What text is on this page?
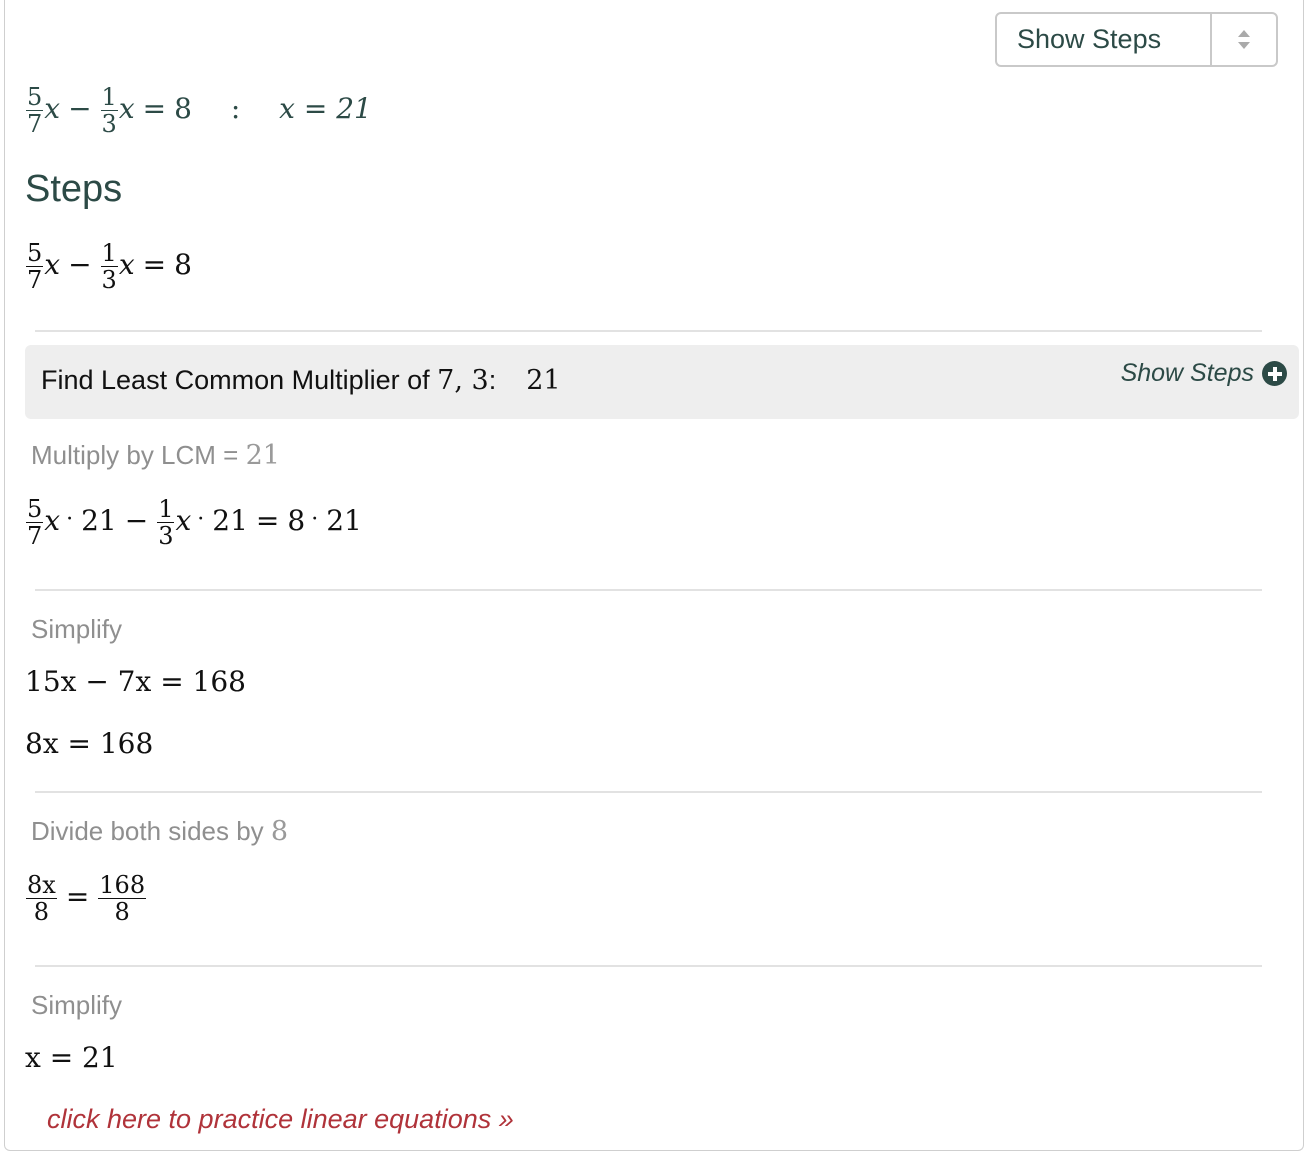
Show Steps
$\frac{5}{7}$ $x - \frac{1}{3}$ x = 8 : x = 21
Steps
$\frac{5}{7}$ $x - \frac{1}{3}$ x = 8
Find Least Common Multiplier of 7, 3: 21	Show Steps
Multiply by LCM = 21
$\frac{5}{7}$ $x \cdot 21 - \frac{1}{3}$ x · 21 = 8 · 21
Simplify
15x − 7x = 168
8x = 168
Divide both sides by 8
$\frac{8x}{8} = \frac{168}{8}$
Simplify
x = 21
click here to practice linear equations »
